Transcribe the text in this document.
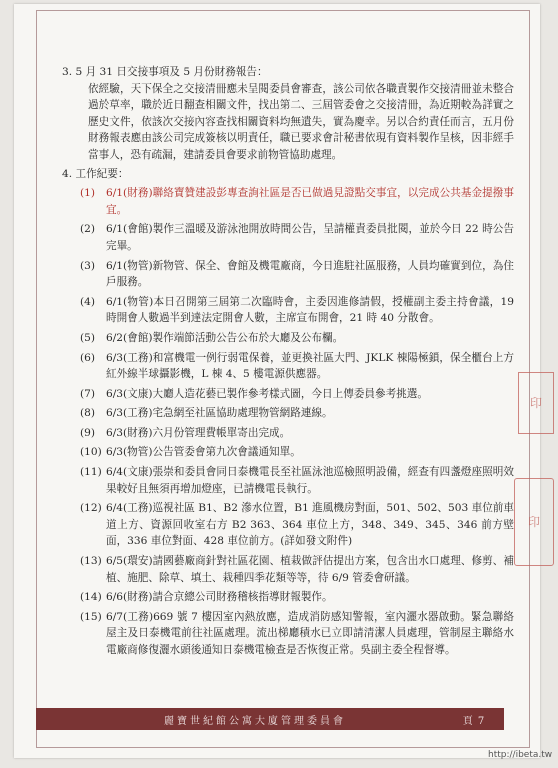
3. 5 月 31 日交接事項及 5 月份財務報告：

依經驗，天下保全之交接清冊應未呈閱委員會審查，該公司依各職責製作交接清冊並未整合過於草率，職於近日翻查相關文件，找出第二、三屆管委會之交接清冊，為近期較為詳實之歷史文件，依該次交接內容查找相關資料均無遺失，實為慶幸。另以合約責任而言，五月份財務報表應由該公司完成簽核以明責任，職已要求會計秘書依現有資料製作呈核，因非經手當事人，恐有疏漏，建請委員會要求前物管協助處理。

4. 工作紀要：

(1)	6/1(財務)聯絡寶贊建設彭專查詢社區是否已做過見證點交事宜，以完成公共基金提撥事宜。
(2)	6/1(會館)製作三溫暖及游泳池開放時間公告，呈請權責委員批閱，並於今日 22 時公告完畢。
(3)	6/1(物管)新物管、保全、會館及機電廠商，今日進駐社區服務，人員均確實到位，為住戶服務。
(4)	6/1(物管)本日召開第三屆第二次臨時會，主委因進修請假，授權副主委主持會議，19 時開會人數過半到達法定開會人數，主席宣布開會，21 時 40 分散會。
(5)	6/2(會館)製作端節活動公告公布於大廳及公布欄。
(6)	6/3(工務)和富機電一例行弱電保養，並更換社區大門、JKLK 棟陽極鎖，保全櫃台上方紅外線半球攝影機，L 棟 4、5 樓電源供應器。
(7)	6/3(文康)大廳人造花藝已製作參考樣式圖，今日上傳委員參考挑選。
(8)	6/3(工務)宅急網至社區協助處理物管網路連線。
(9)	6/3(財務)六月份管理費帳單寄出完成。
(10) 6/3(物管)公告管委會第九次會議通知單。
(11) 6/4(文康)張崇和委員會同日泰機電長至社區泳池巡檢照明設備，經查有四盞燈座照明效果較好且無須再增加燈座，已請機電長執行。
(12) 6/4(工務)巡視社區 B1、B2 滲水位置，B1 進風機房對面，501、502、503 車位前車道上方、資源回收室右方 B2 363、364 車位上方，348、349、345、346 前方壁面，336 車位對面、428 車位前方。(詳如發文附件)
(13) 6/5(環安)請國藝廠商針對社區花園、植栽做評估提出方案，包含出水口處理、修剪、補植、施肥、除草、填土、栽種四季花類等等，待 6/9 管委會研議。
(14) 6/6(財務)請合京總公司財務稽核指導財報製作。
(15) 6/7(工務)669 號 7 樓因室內熱放應，造成消防感知警報，室內灑水器啟動。緊急聯絡屋主及日泰機電前往社區處理。流出梯廳積水已立即請清潔人員處理，管制屋主聯絡水電廠商修復灑水頭後通知日泰機電檢查是否恢復正常。吳副主委全程督導。
印
印
麗寶世紀館公寓大廈管理委員會	頁 7
http://ibeta.tw
